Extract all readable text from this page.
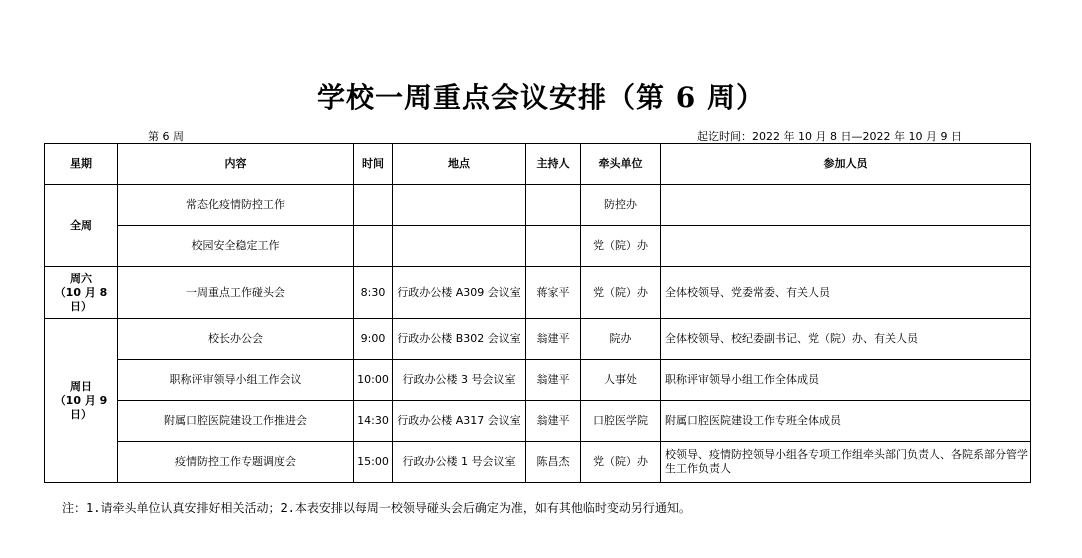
学校一周重点会议安排（第 6 周）
第 6 周	起讫时间：2022 年 10 月 8 日—2022 年 10 月 9 日
星期	内容	时间	地点	主持人	牵头单位	参加人员
全周	常态化疫情防控工作				防控办	
	校园安全稳定工作				党（院）办	
周六
（10 月 8
日）	一周重点工作碰头会	8:30	行政办公楼 A309 会议室	蒋家平	党（院）办	全体校领导、党委常委、有关人员
周日
（10 月 9
日）	校长办公会	9:00	行政办公楼 B302 会议室	翁建平	院办	全体校领导、校纪委副书记、党（院）办、有关人员
	职称评审领导小组工作会议	10:00	行政办公楼 3 号会议室	翁建平	人事处	职称评审领导小组工作全体成员
	附属口腔医院建设工作推进会	14:30	行政办公楼 A317 会议室	翁建平	口腔医学院	附属口腔医院建设工作专班全体成员
	疫情防控工作专题调度会	15:00	行政办公楼 1 号会议室	陈昌杰	党（院）办	校领导、疫情防控领导小组各专项工作组牵头部门负责人、各院系部分管学生工作负责人
注：1.请牵头单位认真安排好相关活动；2.本表安排以每周一校领导碰头会后确定为准，如有其他临时变动另行通知。
